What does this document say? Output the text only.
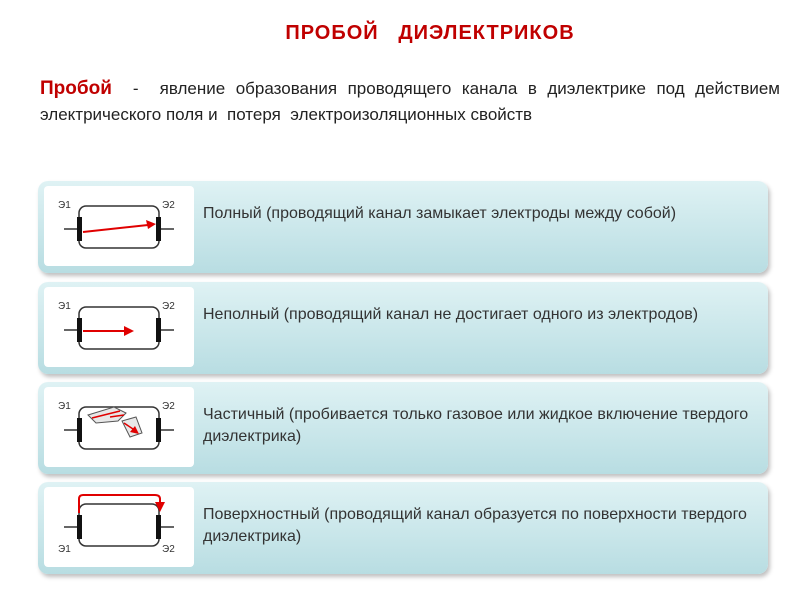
ПРОБОЙ   ДИЭЛЕКТРИКОВ
Пробой  -  явление образования проводящего канала в диэлектрике под действием электрического поля и  потеря  электроизоляционных свойств
Э1	Э2 Полный (проводящий канал замыкает электроды между собой)
Э1	Э2 Неполный (проводящий канал не достигает одного из электродов)
Э1	Э2 Частичный (пробивается только газовое или жидкое включение твердого диэлектрика)
Э1	Э2
Поверхностный (проводящий канал образуется по поверхности твердого диэлектрика)
